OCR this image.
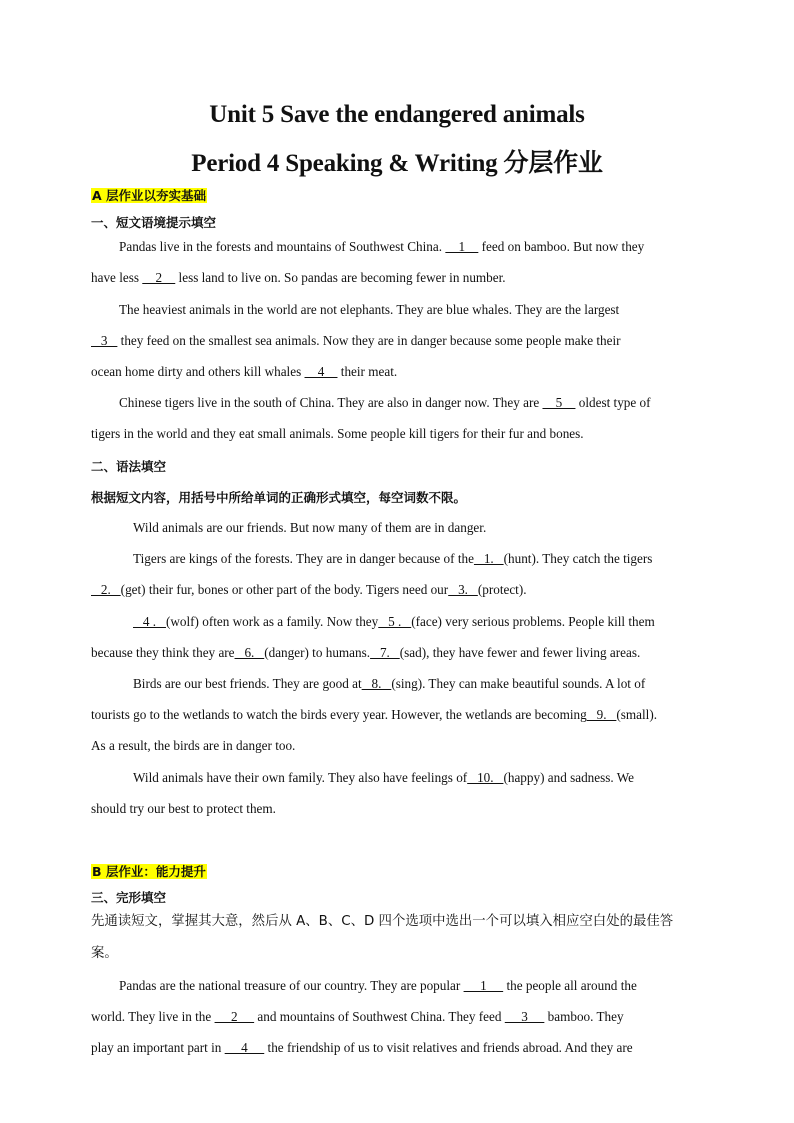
Unit 5 Save the endangered animals
Period 4 Speaking & Writing 分层作业
A 层作业以夯实基础
一、短文语境提示填空
Pandas live in the forests and mountains of Southwest China.     1     feed on bamboo. But now they
have less     2     less land to live on. So pandas are becoming fewer in number.
The heaviest animals in the world are not elephants. They are blue whales. They are the largest
3    they feed on the smallest sea animals. Now they are in danger because some people make their
ocean home dirty and others kill whales     4     their meat.
Chinese tigers live in the south of China. They are also in danger now. They are     5     oldest type of
tigers in the world and they eat small animals. Some people kill tigers for their fur and bones.
二、语法填空
根据短文内容，用括号中所给单词的正确形式填空，每空词数不限。
Wild animals are our friends. But now many of them are in danger.
Tigers are kings of the forests. They are in danger because of the   1.   (hunt). They catch the tigers
2.   (get) their fur, bones or other part of the body. Tigers need our   3.   (protect).
4 .   (wolf) often work as a family. Now they   5 .   (face) very serious problems. People kill them
because they think they are   6.   (danger) to humans.   7.   (sad), they have fewer and fewer living areas.
Birds are our best friends. They are good at   8.   (sing). They can make beautiful sounds. A lot of
tourists go to the wetlands to watch the birds every year. However, the wetlands are becoming   9.   (small).
As a result, the birds are in danger too.
Wild animals have their own family. They also have feelings of   10.   (happy) and sadness. We
should try our best to protect them.
B 层作业：能力提升
三、完形填空
先通读短文，掌握其大意，然后从 A、B、C、D 四个选项中选出一个可以填入相应空白处的最佳答
案。
Pandas are the national treasure of our country. They are popular      1      the people all around the
world. They live in the      2      and mountains of Southwest China. They feed      3      bamboo. They
play an important part in      4      the friendship of us to visit relatives and friends abroad. And they are
